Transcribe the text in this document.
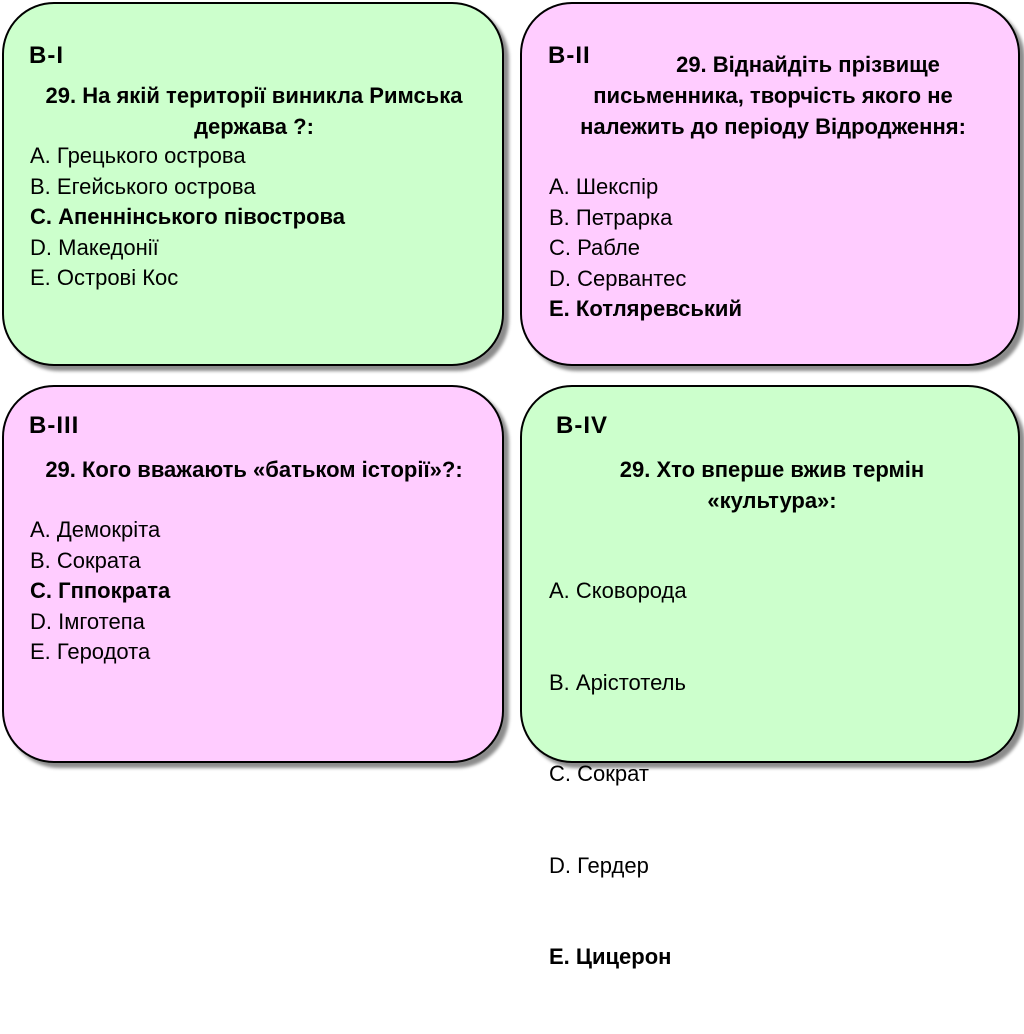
В-І
29. На якій території виникла Римська держава ?:
A. Грецького острова
B. Егейського острова
C. Апеннінського півострова
D. Македонії
E. Острові Кос
В-ІІ	29. Віднайдіть прізвище письменника, творчість якого не належить до періоду Відродження:
A. Шекспір
B. Петрарка
C. Рабле
D. Сервантес
E. Котляревський
В-ІІІ
29. Кого вважають «батьком історії»?:
A. Демокріта
B. Сократа
C. Гппократа
D. Імготепа
E. Геродота
В-IV
29. Хто вперше вжив термін «культура»:

A. Сковорода

B. Арістотель

C. Сократ

D. Гердер

E. Цицерон
